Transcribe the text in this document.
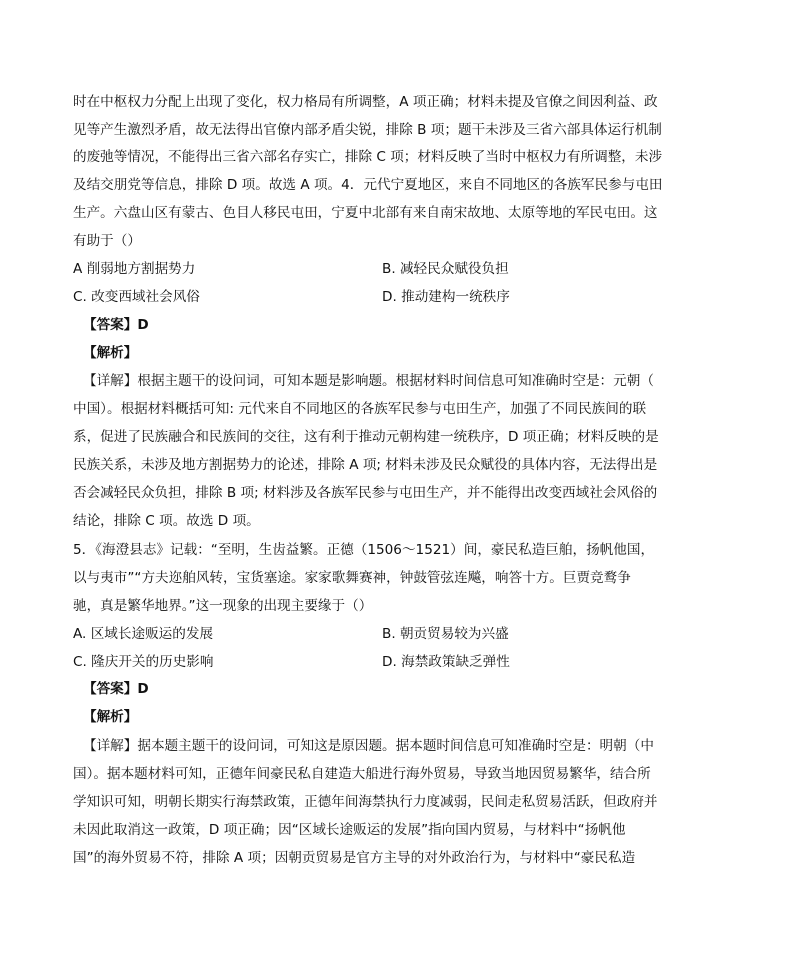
时在中枢权力分配上出现了变化，权力格局有所调整，A 项正确；材料未提及官僚之间因利益、政
见等产生激烈矛盾，故无法得出官僚内部矛盾尖锐，排除 B 项；题干未涉及三省六部具体运行机制
的废弛等情况，不能得出三省六部名存实亡，排除 C 项；材料反映了当时中枢权力有所调整，未涉
及结交朋党等信息，排除 D 项。故选 A 项。4．元代宁夏地区，来自不同地区的各族军民参与屯田
生产。六盘山区有蒙古、色目人移民屯田，宁夏中北部有来自南宋故地、太原等地的军民屯田。这
有助于（）
A 削弱地方割据势力	B. 减轻民众赋役负担
C. 改变西域社会风俗	D. 推动建构一统秩序
【答案】D
【解析】
【详解】根据主题干的设问词，可知本题是影响题。根据材料时间信息可知准确时空是：元朝（
中国）。根据材料概括可知: 元代来自不同地区的各族军民参与屯田生产，加强了不同民族间的联
系，促进了民族融合和民族间的交往，这有利于推动元朝构建一统秩序，D 项正确；材料反映的是
民族关系，未涉及地方割据势力的论述，排除 A 项; 材料未涉及民众赋役的具体内容，无法得出是
否会减轻民众负担，排除 B 项; 材料涉及各族军民参与屯田生产，并不能得出改变西域社会风俗的
结论，排除 C 项。故选 D 项。
5．《海澄县志》记载：“至明，生齿益繁。正德（1506～1521）间，豪民私造巨舶，扬帆他国，
以与夷市”“方夫迩舶风转，宝货塞途。家家歌舞赛神，钟鼓管弦连飚，响答十方。巨贾竞鹜争
驰，真是繁华地界。”这一现象的出现主要缘于（）
A. 区域长途贩运的发展	B. 朝贡贸易较为兴盛
C. 隆庆开关的历史影响	D. 海禁政策缺乏弹性
【答案】D
【解析】
【详解】据本题主题干的设问词，可知这是原因题。据本题时间信息可知准确时空是：明朝（中
国）。据本题材料可知，正德年间豪民私自建造大船进行海外贸易，导致当地因贸易繁华，结合所
学知识可知，明朝长期实行海禁政策，正德年间海禁执行力度减弱，民间走私贸易活跃，但政府并
未因此取消这一政策，D 项正确；因“区域长途贩运的发展”指向国内贸易，与材料中“扬帆他
国”的海外贸易不符，排除 A 项；因朝贡贸易是官方主导的对外政治行为，与材料中“豪民私造
